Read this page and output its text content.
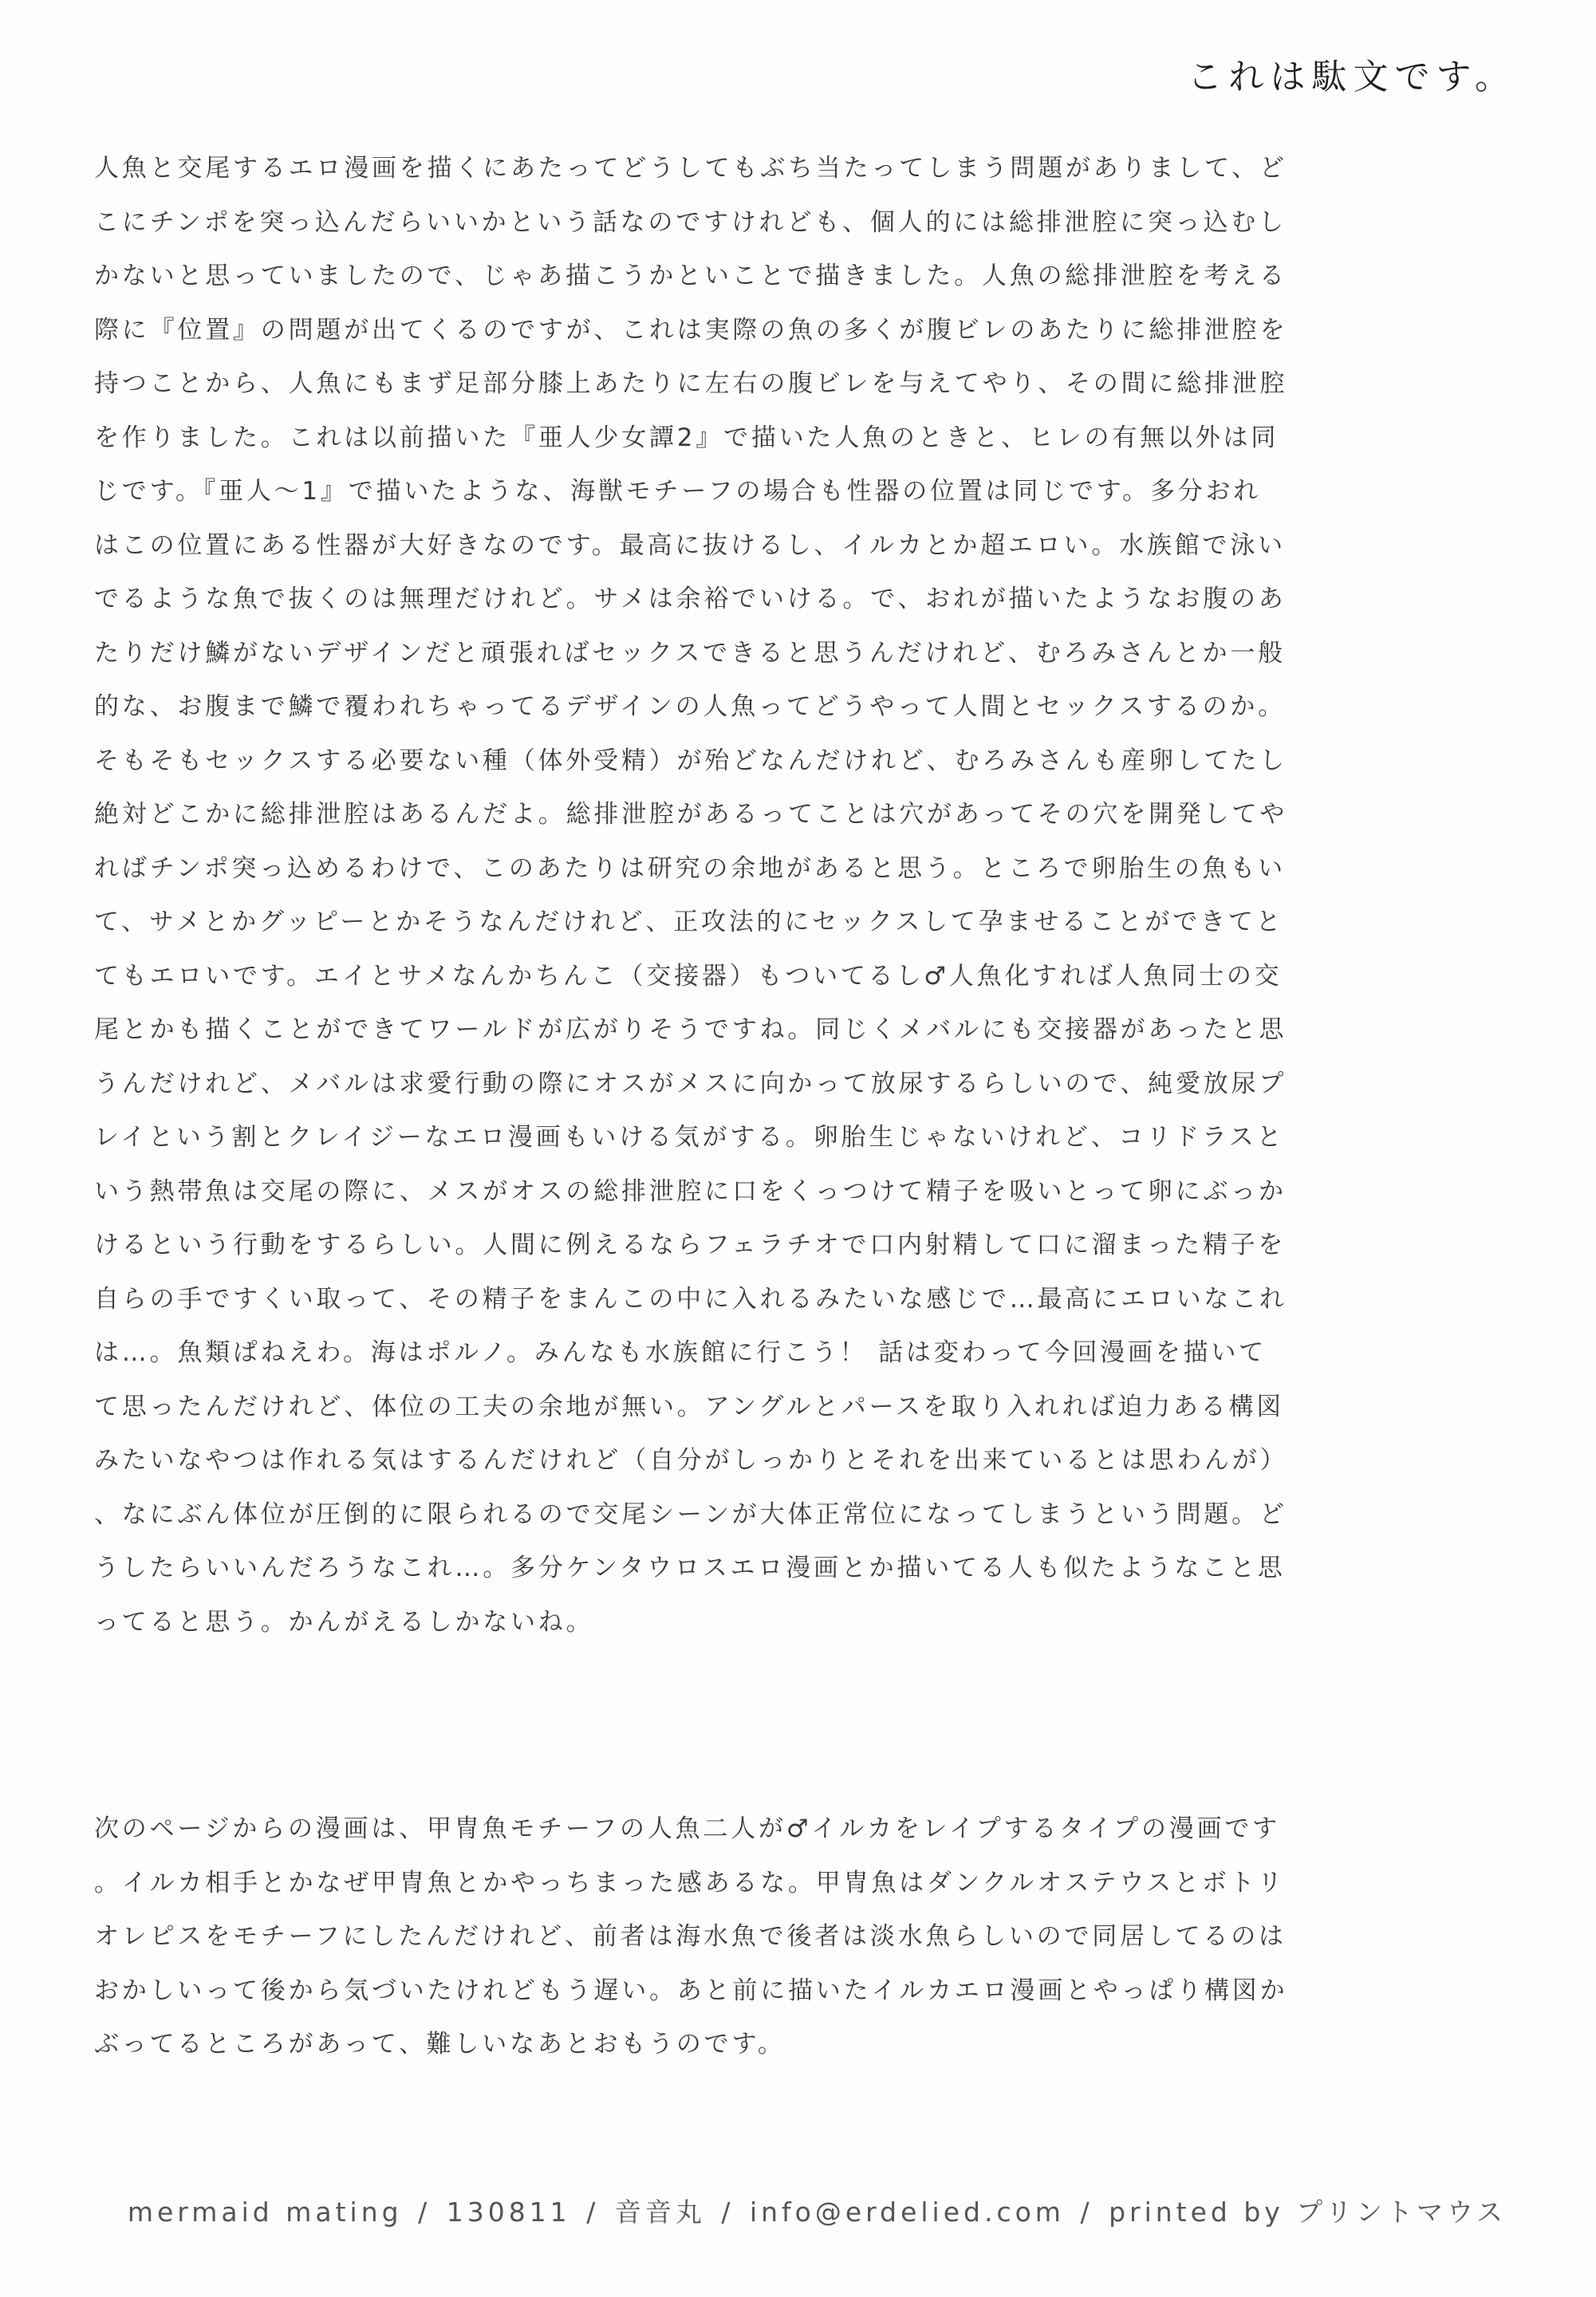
これは駄文です。
人魚と交尾するエロ漫画を描くにあたってどうしてもぶち当たってしまう問題がありまして、ど
こにチンポを突っ込んだらいいかという話なのですけれども、個人的には総排泄腔に突っ込むし
かないと思っていましたので、じゃあ描こうかといことで描きました。人魚の総排泄腔を考える
際に『位置』の問題が出てくるのですが、これは実際の魚の多くが腹ビレのあたりに総排泄腔を
持つことから、人魚にもまず足部分膝上あたりに左右の腹ビレを与えてやり、その間に総排泄腔
を作りました。これは以前描いた『亜人少女譚2』で描いた人魚のときと、ヒレの有無以外は同
じです。『亜人〜1』で描いたような、海獣モチーフの場合も性器の位置は同じです。多分おれ
はこの位置にある性器が大好きなのです。最高に抜けるし、イルカとか超エロい。水族館で泳い
でるような魚で抜くのは無理だけれど。サメは余裕でいける。で、おれが描いたようなお腹のあ
たりだけ鱗がないデザインだと頑張ればセックスできると思うんだけれど、むろみさんとか一般
的な、お腹まで鱗で覆われちゃってるデザインの人魚ってどうやって人間とセックスするのか。
そもそもセックスする必要ない種（体外受精）が殆どなんだけれど、むろみさんも産卵してたし
絶対どこかに総排泄腔はあるんだよ。総排泄腔があるってことは穴があってその穴を開発してや
ればチンポ突っ込めるわけで、このあたりは研究の余地があると思う。ところで卵胎生の魚もい
て、サメとかグッピーとかそうなんだけれど、正攻法的にセックスして孕ませることができてと
てもエロいです。エイとサメなんかちんこ（交接器）もついてるし♂人魚化すれば人魚同士の交
尾とかも描くことができてワールドが広がりそうですね。同じくメバルにも交接器があったと思
うんだけれど、メバルは求愛行動の際にオスがメスに向かって放尿するらしいので、純愛放尿プ
レイという割とクレイジーなエロ漫画もいける気がする。卵胎生じゃないけれど、コリドラスと
いう熱帯魚は交尾の際に、メスがオスの総排泄腔に口をくっつけて精子を吸いとって卵にぶっか
けるという行動をするらしい。人間に例えるならフェラチオで口内射精して口に溜まった精子を
自らの手ですくい取って、その精子をまんこの中に入れるみたいな感じで…最高にエロいなこれ
は…。魚類ぱねえわ。海はポルノ。みんなも水族館に行こう！ 話は変わって今回漫画を描いて
て思ったんだけれど、体位の工夫の余地が無い。アングルとパースを取り入れれば迫力ある構図
みたいなやつは作れる気はするんだけれど（自分がしっかりとそれを出来ているとは思わんが）
、なにぶん体位が圧倒的に限られるので交尾シーンが大体正常位になってしまうという問題。ど
うしたらいいんだろうなこれ…。多分ケンタウロスエロ漫画とか描いてる人も似たようなこと思
ってると思う。かんがえるしかないね。
次のページからの漫画は、甲冑魚モチーフの人魚二人が♂イルカをレイプするタイプの漫画です
。イルカ相手とかなぜ甲冑魚とかやっちまった感あるな。甲冑魚はダンクルオステウスとボトリ
オレピスをモチーフにしたんだけれど、前者は海水魚で後者は淡水魚らしいので同居してるのは
おかしいって後から気づいたけれどもう遅い。あと前に描いたイルカエロ漫画とやっぱり構図か
ぶってるところがあって、難しいなあとおもうのです。
mermaid mating / 130811 / 音音丸 / info@erdelied.com / printed by プリントマウス
